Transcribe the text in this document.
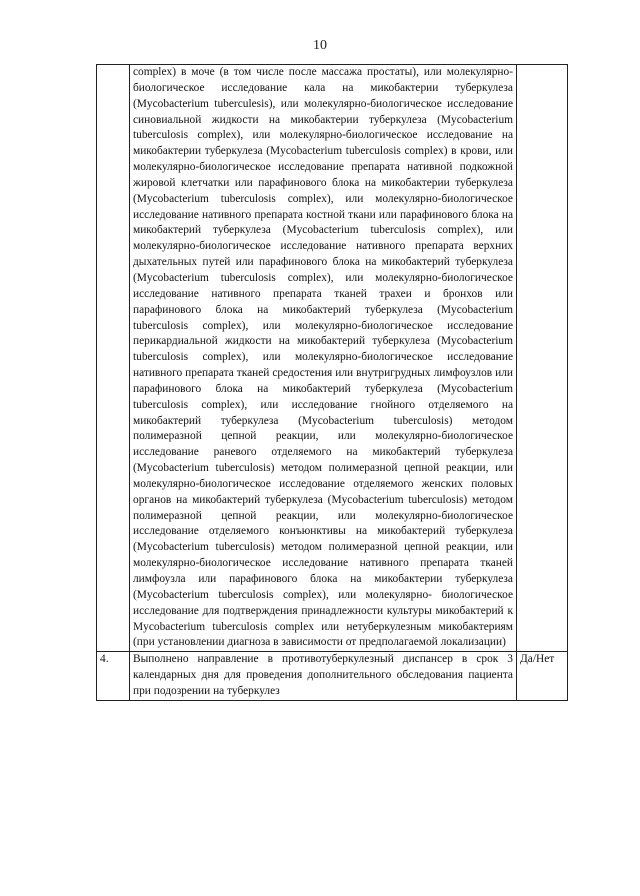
10
	complex) в моче (в том числе после массажа простаты), или молекулярно-биологическое исследование кала на микобактерии туберкулеза (Mycobacterium tuberculesis), или молекулярно-биологическое исследование синовиальной жидкости на микобактерии туберкулеза (Mycobacterium tuberculosis complex), или молекулярно-биологическое исследование на микобактерии туберкулеза (Mycobacterium tuberculosis complex) в крови, или молекулярно-биологическое исследование препарата нативной подкожной жировой клетчатки или парафинового блока на микобактерии туберкулеза (Mycobacterium tuberculosis complex), или молекулярно-биологическое исследование нативного препарата костной ткани или парафинового блока на микобактерий туберкулеза (Mycobacterium tuberculosis complex), или молекулярно-биологическое исследование нативного препарата верхних дыхательных путей или парафинового блока на микобактерий туберкулеза (Mycobacterium tuberculosis complex), или молекулярно-биологическое исследование нативного препарата тканей трахеи и бронхов или парафинового блока на микобактерий туберкулеза (Mycobacterium tuberculosis complex), или молекулярно-биологическое исследование перикардиальной жидкости на микобактерий туберкулеза (Mycobacterium tuberculosis complex), или молекулярно-биологическое исследование нативного препарата тканей средостения или внутригрудных лимфоузлов или парафинового блока на микобактерий туберкулеза (Mycobacterium tuberculosis complex), или исследование гнойного отделяемого на микобактерий туберкулеза (Mycobacterium tuberculosis) методом полимеразной цепной реакции, или молекулярно-биологическое исследование раневого отделяемого на микобактерий туберкулеза (Mycobacterium tuberculosis) методом полимеразной цепной реакции, или молекулярно-биологическое исследование отделяемого женских половых органов на микобактерий туберкулеза (Mycobacterium tuberculosis) методом полимеразной цепной реакции, или молекулярно-биологическое исследование отделяемого конъюнктивы на микобактерий туберкулеза (Mycobacterium tuberculosis) методом полимеразной цепной реакции, или молекулярно-биологическое исследование нативного препарата тканей лимфоузла или парафинового блока на микобактерии туберкулеза (Mycobacterium tuberculosis complex), или молекулярно- биологическое исследование для подтверждения принадлежности культуры микобактерий к Mycobacterium tuberculosis complex или нетуберкулезным микобактериям (при установлении диагноза в зависимости от предполагаемой локализации)	
4.	Выполнено направление в противотуберкулезный диспансер в срок 3 календарных дня для проведения дополнительного обследования пациента при подозрении на туберкулез	Да/Нет
